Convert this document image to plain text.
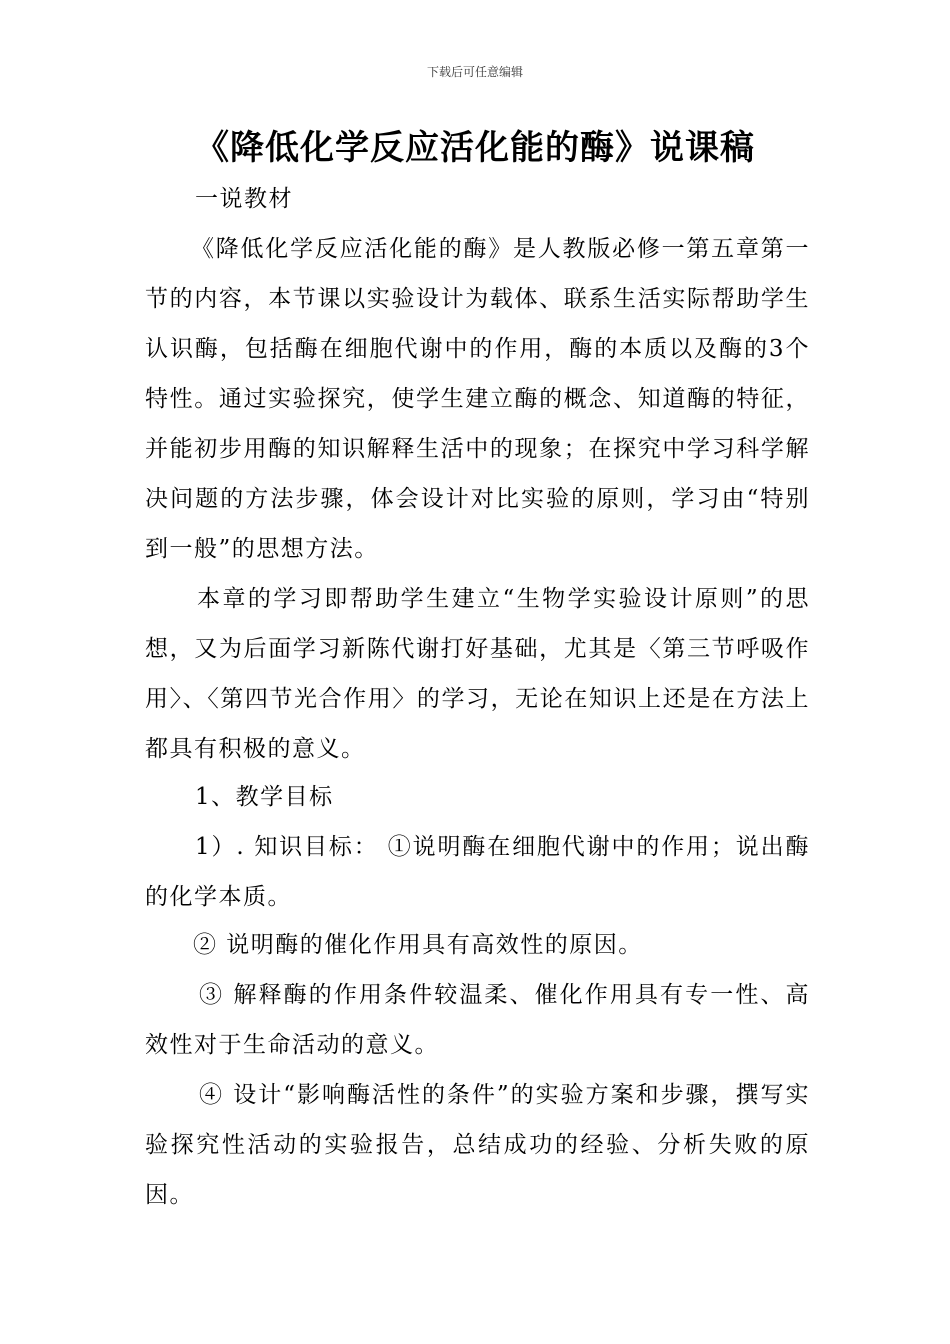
下载后可任意编辑
《降低化学反应活化能的酶》说课稿

一说教材

《降低化学反应活化能的酶》是人教版必修一第五章第一节的内容，本节课以实验设计为载体、联系生活实际帮助学生认识酶，包括酶在细胞代谢中的作用，酶的本质以及酶的3个特性。通过实验探究，使学生建立酶的概念、知道酶的特征，并能初步用酶的知识解释生活中的现象；在探究中学习科学解决问题的方法步骤，体会设计对比实验的原则，学习由“特别到一般”的思想方法。

本章的学习即帮助学生建立“生物学实验设计原则”的思想，又为后面学习新陈代谢打好基础，尤其是〈第三节呼吸作用〉、〈第四节光合作用〉的学习，无论在知识上还是在方法上都具有积极的意义。

1、教学目标

1）. 知识目标： ①说明酶在细胞代谢中的作用；说出酶的化学本质。

② 说明酶的催化作用具有高效性的原因。

③ 解释酶的作用条件较温柔、催化作用具有专一性、高效性对于生命活动的意义。

④ 设计“影响酶活性的条件”的实验方案和步骤，撰写实验探究性活动的实验报告，总结成功的经验、分析失败的原因。
